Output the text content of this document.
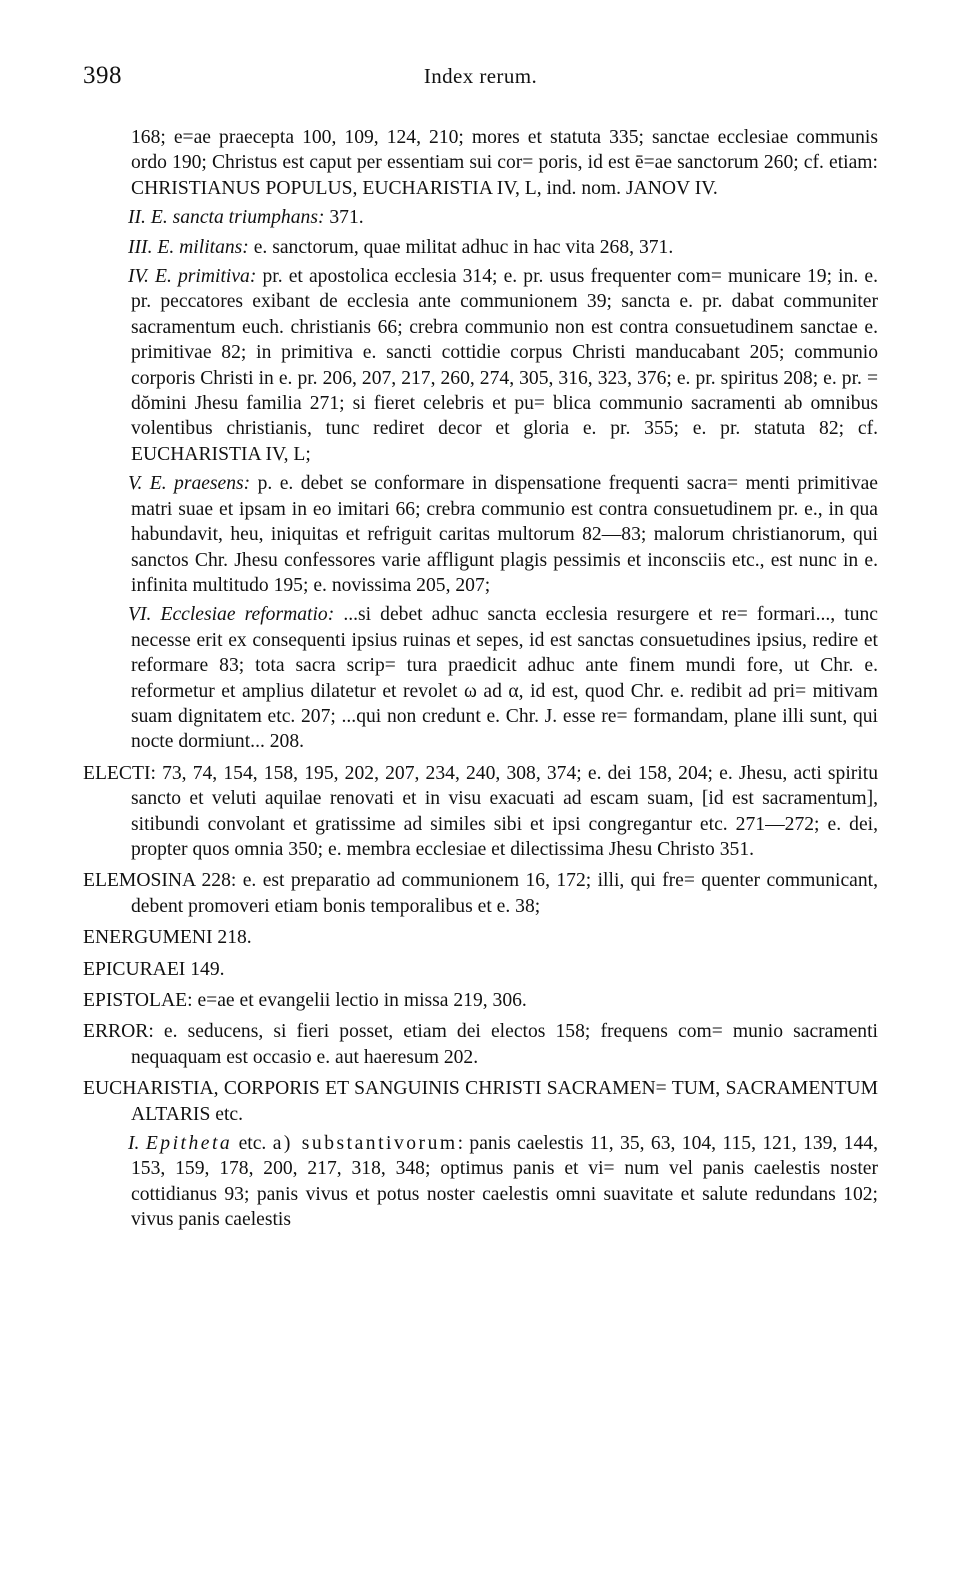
398	Index rerum.

168; e=ae praecepta 100, 109, 124, 210; mores et statuta 335; sanctae ecclesiae communis ordo 190; Christus est caput per essentiam sui cor= poris, id est ē=ae sanctorum 260; cf. etiam: CHRISTIANUS POPULUS, EUCHARISTIA IV, L, ind. nom. JANOV IV.

II. E. sancta triumphans: 371.

III. E. militans: e. sanctorum, quae militat adhuc in hac vita 268, 371.

IV. E. primitiva: pr. et apostolica ecclesia 314; e. pr. usus frequenter com= municare 19; in. e. pr. peccatores exibant de ecclesia ante communionem 39; sancta e. pr. dabat communiter sacramentum euch. christianis 66; crebra communio non est contra consuetudinem sanctae e. primitivae 82; in primitiva e. sancti cottidie corpus Christi manducabant 205; communio corporis Christi in e. pr. 206, 207, 217, 260, 274, 305, 316, 323, 376; e. pr. spiritus 208; e. pr. = dŏmini Jhesu familia 271; si fieret celebris et pu= blica communio sacramenti ab omnibus volentibus christianis, tunc rediret decor et gloria e. pr. 355; e. pr. statuta 82; cf. EUCHARISTIA IV, L;

V. E. praesens: p. e. debet se conformare in dispensatione frequenti sacra= menti primitivae matri suae et ipsam in eo imitari 66; crebra communio est contra consuetudinem pr. e., in qua habundavit, heu, iniquitas et refriguit caritas multorum 82—83; malorum christianorum, qui sanctos Chr. Jhesu confessores varie affligunt plagis pessimis et inconsciis etc., est nunc in e. infinita multitudo 195; e. novissima 205, 207;

VI. Ecclesiae reformatio: ...si debet adhuc sancta ecclesia resurgere et re= formari..., tunc necesse erit ex consequenti ipsius ruinas et sepes, id est sanctas consuetudines ipsius, redire et reformare 83; tota sacra scrip= tura praedicit adhuc ante finem mundi fore, ut Chr. e. reformetur et amplius dilatetur et revolet ω ad α, id est, quod Chr. e. redibit ad pri= mitivam suam dignitatem etc. 207; ...qui non credunt e. Chr. J. esse re= formandam, plane illi sunt, qui nocte dormiunt... 208.

ELECTI: 73, 74, 154, 158, 195, 202, 207, 234, 240, 308, 374; e. dei 158, 204; e. Jhesu, acti spiritu sancto et veluti aquilae renovati et in visu exacuati ad escam suam, [id est sacramentum], sitibundi convolant et gratissime ad similes sibi et ipsi congregantur etc. 271—272; e. dei, propter quos omnia 350; e. membra ecclesiae et dilectissima Jhesu Christo 351.

ELEMOSINA 228: e. est preparatio ad communionem 16, 172; illi, qui fre= quenter communicant, debent promoveri etiam bonis temporalibus et e. 38;

ENERGUMENI 218.

EPICURAEI 149.

EPISTOLAE: e=ae et evangelii lectio in missa 219, 306.

ERROR: e. seducens, si fieri posset, etiam dei electos 158; frequens com= munio sacramenti nequaquam est occasio e. aut haeresum 202.

EUCHARISTIA, CORPORIS ET SANGUINIS CHRISTI SACRAMEN= TUM, SACRAMENTUM ALTARIS etc.

I. Epitheta etc. a) substantivorum: panis caelestis 11, 35, 63, 104, 115, 121, 139, 144, 153, 159, 178, 200, 217, 318, 348; optimus panis et vi= num vel panis caelestis noster cottidianus 93; panis vivus et potus noster caelestis omni suavitate et salute redundans 102; vivus panis caelestis
